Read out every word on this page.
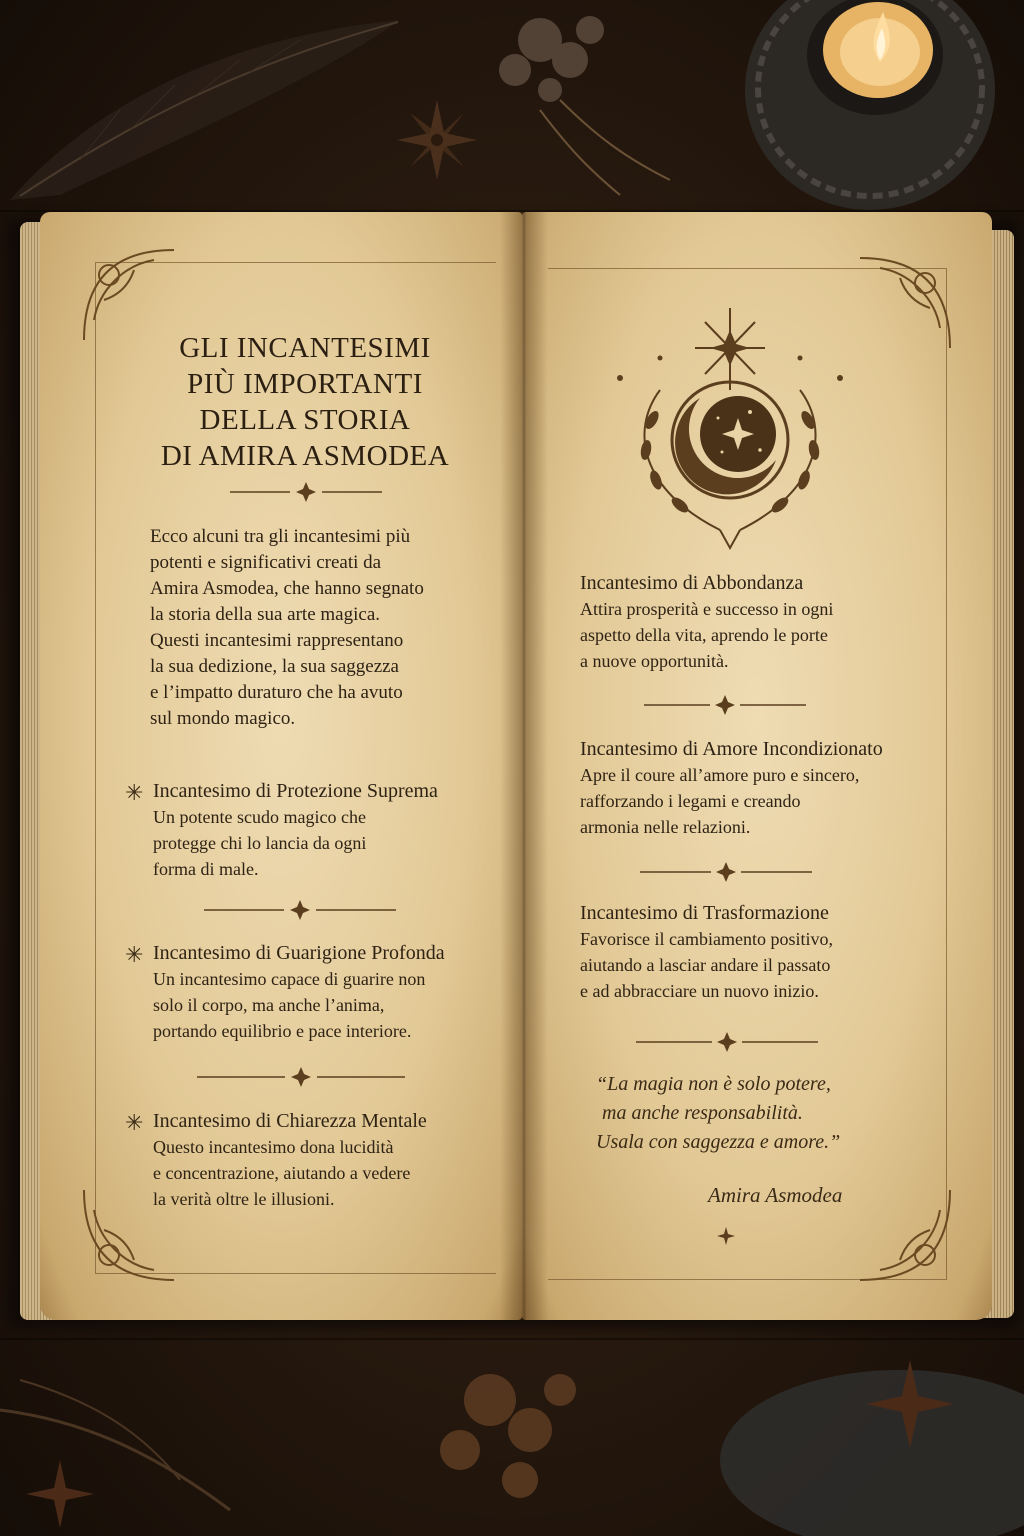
GLI INCANTESIMI
PIÙ IMPORTANTI
DELLA STORIA
DI AMIRA ASMODEA
Ecco alcuni tra gli incantesimi più
potenti e significativi creati da
Amira Asmodea, che hanno segnato
la storia della sua arte magica.
Questi incantesimi rappresentano
la sua dedizione, la sua saggezza
e l’impatto duraturo che ha avuto
sul mondo magico.
✳ Incantesimo di Protezione Suprema
Un potente scudo magico che
protegge chi lo lancia da ogni
forma di male.
✳ Incantesimo di Guarigione Profonda
Un incantesimo capace di guarire non
solo il corpo, ma anche l’anima,
portando equilibrio e pace interiore.
✳ Incantesimo di Chiarezza Mentale
Questo incantesimo dona lucidità
e concentrazione, aiutando a vedere
la verità oltre le illusioni.
Incantesimo di Abbondanza
Attira prosperità e successo in ogni
aspetto della vita, aprendo le porte
a nuove opportunità.
Incantesimo di Amore Incondizionato
Apre il coure all’amore puro e sincero,
rafforzando i legami e creando
armonia nelle relazioni.
Incantesimo di Trasformazione
Favorisce il cambiamento positivo,
aiutando a lasciar andare il passato
e ad abbracciare un nuovo inizio.
“La magia non è solo potere,
ma anche responsabilità.
Usala con saggezza e amore.”
Amira Asmodea
